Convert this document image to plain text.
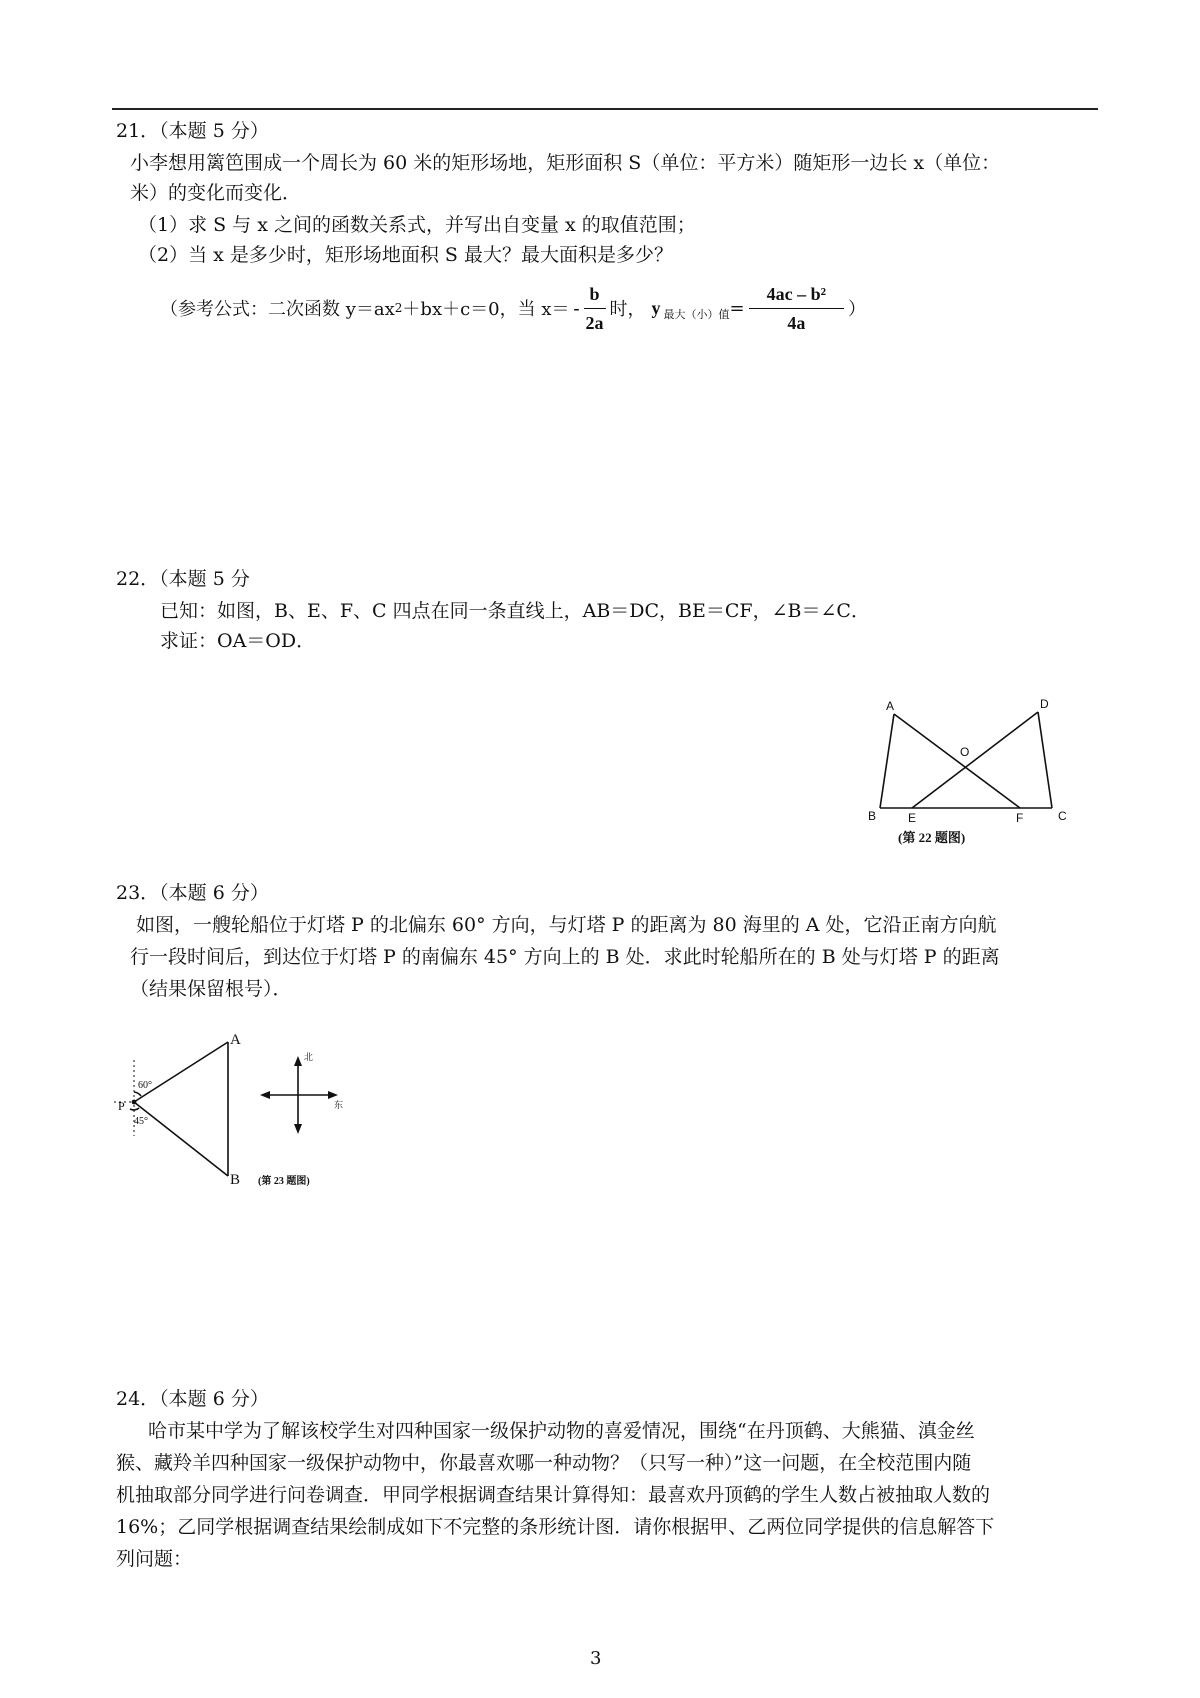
21．（本题 5 分）
小李想用篱笆围成一个周长为 60 米的矩形场地，矩形面积 S（单位：平方米）随矩形一边长 x（单位：
米）的变化而变化．
（1）求 S 与 x 之间的函数关系式，并写出自变量 x 的取值范围；
（2）当 x 是多少时，矩形场地面积 S 最大？最大面积是多少？
（参考公式：二次函数 y＝ax 2 ＋bx＋c＝0，当 $x= - \frac{b}{2a}$ 时， y 最大（小）值 = $\frac{\text{4ac – b²}}{4a}$ ）
22．（本题 5 分
已知：如图，B、E、F、C 四点在同一条直线上，AB＝DC，BE＝CF，∠B＝∠C．
求证：OA＝OD．
A	D
O
B	E	F	C
(第 22 题图)
23．（本题 6 分）
如图，一艘轮船位于灯塔 P 的北偏东 60° 方向，与灯塔 P 的距离为 80 海里的 A 处，它沿正南方向航
行一段时间后，到达位于灯塔 P 的南偏东 45° 方向上的 B 处．求此时轮船所在的 B 处与灯塔 P 的距离
（结果保留根号）．
A
B
P
60°
45°
北
东
(第 23 题图)
24．（本题 6 分）
哈市某中学为了解该校学生对四种国家一级保护动物的喜爱情况，围绕“在丹顶鹤、大熊猫、滇金丝
猴、藏羚羊四种国家一级保护动物中，你最喜欢哪一种动物？（只写一种）”这一问题，在全校范围内随
机抽取部分同学进行问卷调查．甲同学根据调查结果计算得知：最喜欢丹顶鹤的学生人数占被抽取人数的
16%；乙同学根据调查结果绘制成如下不完整的条形统计图．请你根据甲、乙两位同学提供的信息解答下
列问题：
3
